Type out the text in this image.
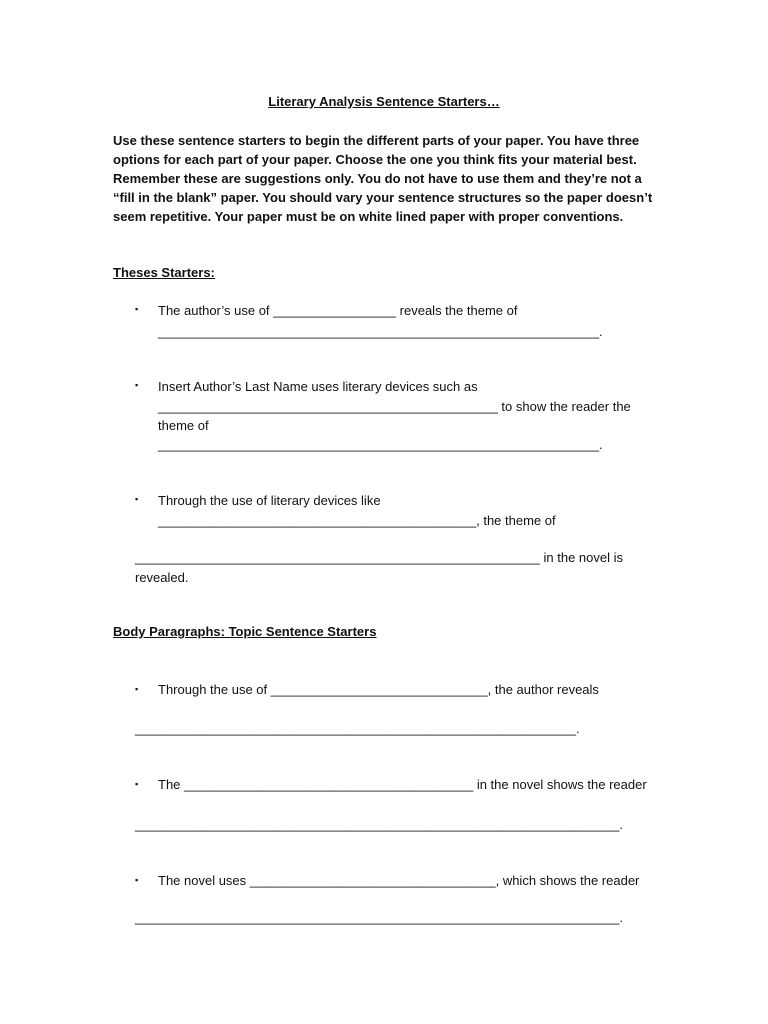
Literary Analysis Sentence Starters…
Use these sentence starters to begin the different parts of your paper. You have three options for each part of your paper. Choose the one you think fits your material best. Remember these are suggestions only. You do not have to use them and they’re not a “fill in the blank” paper. You should vary your sentence structures so the paper doesn’t seem repetitive. Your paper must be on white lined paper with proper conventions.
Theses Starters:
▪ The author’s use of _________________ reveals the theme of
_____________________________________________________________.
▪ Insert Author’s Last Name uses literary devices such as
_______________________________________________ to show the reader the
theme of
_____________________________________________________________.
▪ Through the use of literary devices like
____________________________________________, the theme of
________________________________________________________ in the novel is
revealed.
Body Paragraphs: Topic Sentence Starters
▪ Through the use of ______________________________, the author reveals
_____________________________________________________________.
▪ The ________________________________________ in the novel shows the reader
___________________________________________________________________.
▪ The novel uses __________________________________, which shows the reader
___________________________________________________________________.
